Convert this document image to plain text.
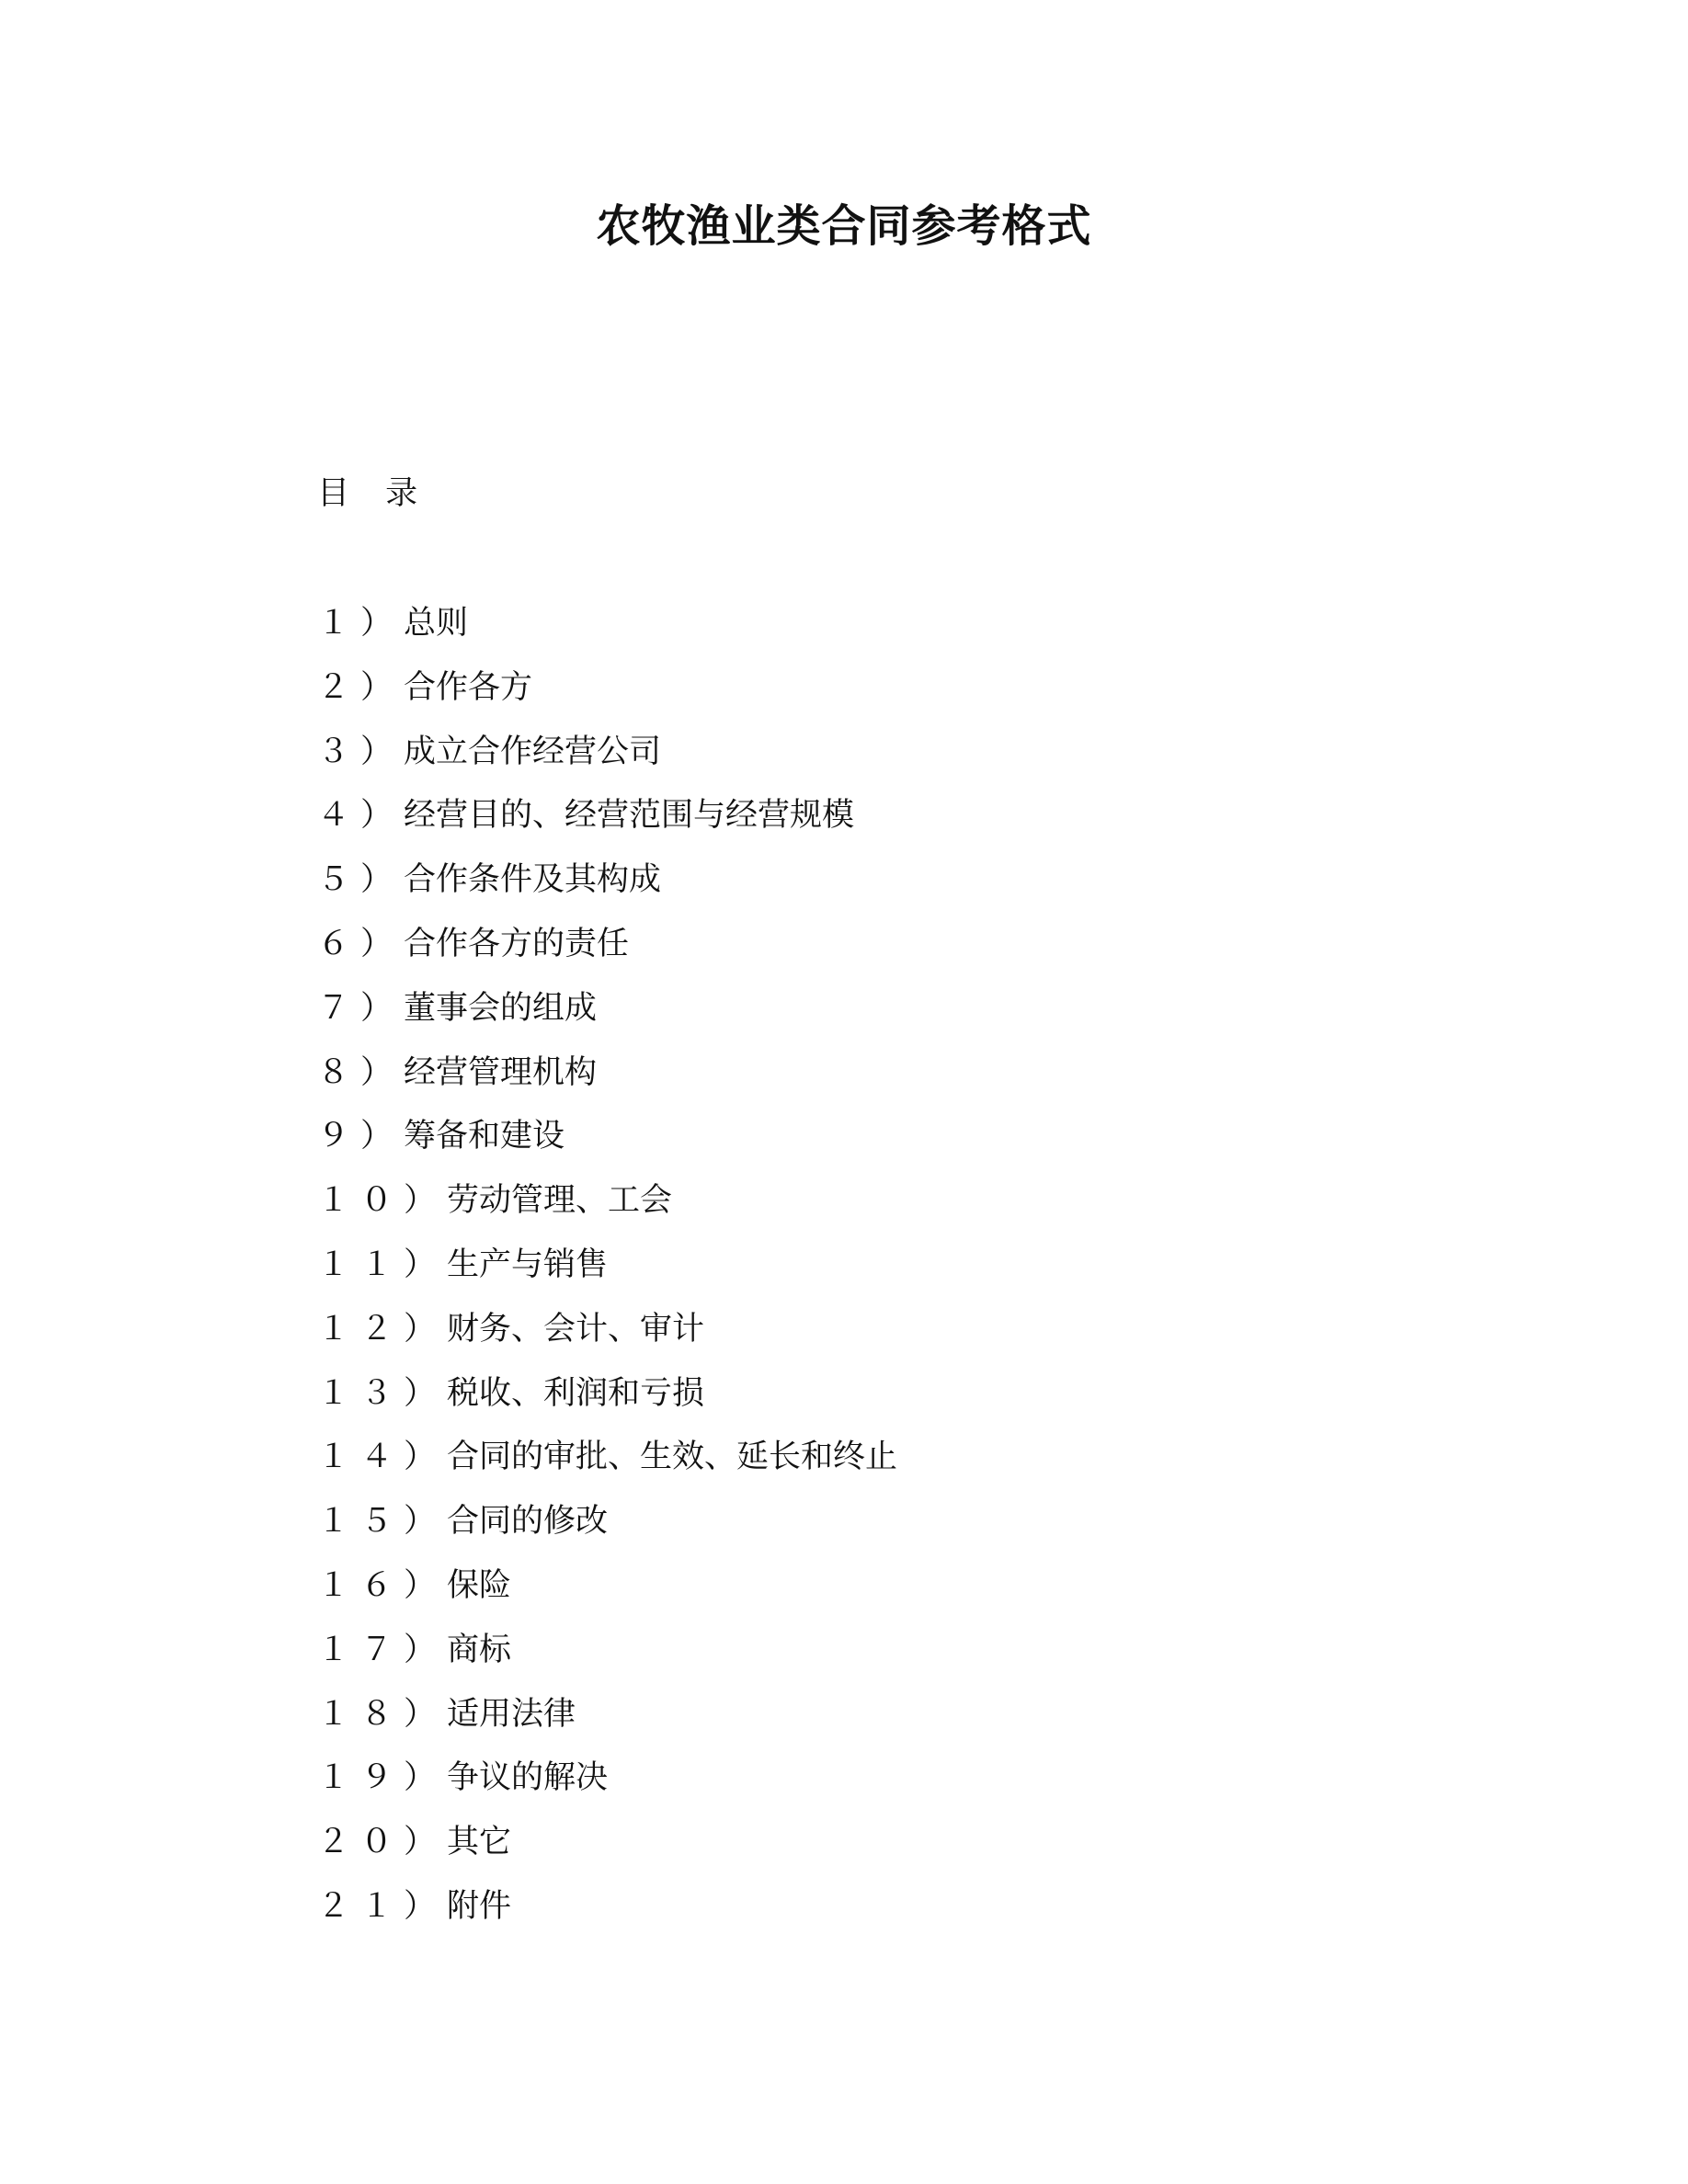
农牧渔业类合同参考格式
目 录
１） 总则
２） 合作各方
３） 成立合作经营公司
４） 经营目的、经营范围与经营规模
５） 合作条件及其构成
６） 合作各方的责任
７） 董事会的组成
８） 经营管理机构
９） 筹备和建设
１０） 劳动管理、工会
１１） 生产与销售
１２） 财务、会计、审计
１３） 税收、利润和亏损
１４） 合同的审批、生效、延长和终止
１５） 合同的修改
１６） 保险
１７） 商标
１８） 适用法律
１９） 争议的解决
２０） 其它
２１） 附件
